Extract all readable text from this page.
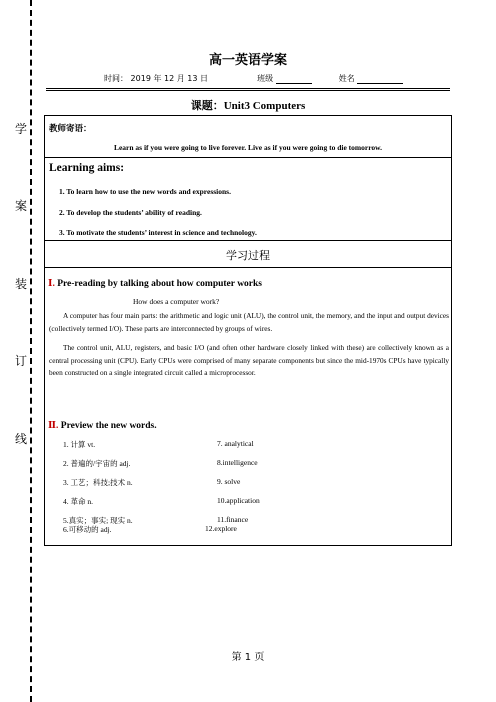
学
案
装
订
线
高一英语学案
时间： 2019 年 12 月 13 日	班级	姓名
课题：Unit3 Computers
教师寄语：
Learn as if you were going to live forever. Live as if you were going to die tomorrow.
Learning aims:
1. To learn how to use the new words and expressions.
2. To develop the students’ ability of reading.
3. To motivate the students’ interest in science and technology.
学习过程
Ⅰ. Pre-reading by talking about how computer works
How does a computer work?
A computer has four main parts: the arithmetic and logic unit (ALU), the control unit, the memory, and the input and output devices (collectively termed I/O). These parts are interconnected by groups of wires.
The control unit, ALU, registers, and basic I/O (and often other hardware closely linked with these) are collectively known as a central processing unit (CPU). Early CPUs were comprised of many separate components but since the mid-1970s CPUs have typically been constructed on a single integrated circuit called a microprocessor.
Ⅱ. Preview the new words.
1. 计算 vt.
2. 普遍的/宇宙的 adj.
3. 工艺；科技;技术 n.
4. 革命 n.
5.真实；事实; 现实 n.
6.可移动的 adj.
7. analytical
8.intelligence
9. solve
10.application
11.finance
12.explore
第 1 页
